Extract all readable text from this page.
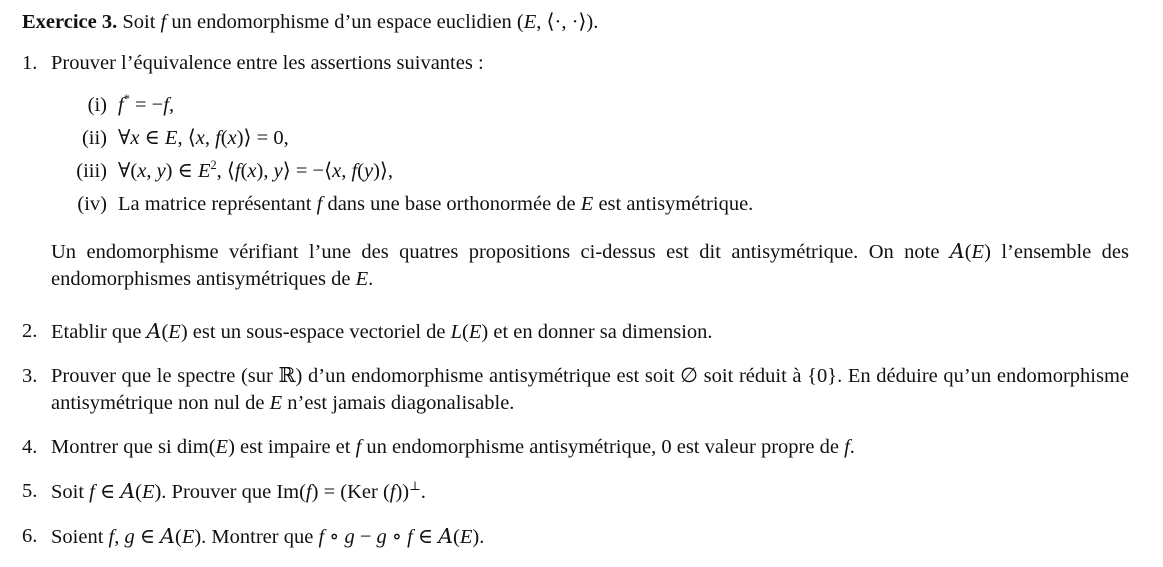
Exercice 3. Soit f un endomorphisme d’un espace euclidien (E, ⟨·, ·⟩).

1. Prouver l’équivalence entre les assertions suivantes :

(i) f* = −f,

(ii) ∀x ∈ E, ⟨x, f(x)⟩ = 0,

(iii) ∀(x, y) ∈ $E^2$, ⟨f(x), y⟩ = −⟨x, f(y)⟩,

(iv) La matrice représentant f dans une base orthonormée de E est antisymétrique.

Un endomorphisme vérifiant l’une des quatres propositions ci-dessus est dit antisymétrique. On note A(E) l’ensemble des endomorphismes antisymétriques de E.

2. Etablir que A(E) est un sous-espace vectoriel de L(E) et en donner sa dimension.

3. Prouver que le spectre (sur ℝ) d’un endomorphisme antisymétrique est soit ∅ soit réduit à {0}. En déduire qu’un endomorphisme antisymétrique non nul de E n’est jamais diagonalisable.

4. Montrer que si dim(E) est impaire et f un endomorphisme antisymétrique, 0 est valeur propre de f.

5. Soit f ∈ A(E). Prouver que Im(f) = (Ker (f))⊥.

6. Soient f, g ∈ A(E). Montrer que f ∘ g − g ∘ f ∈ A(E).
